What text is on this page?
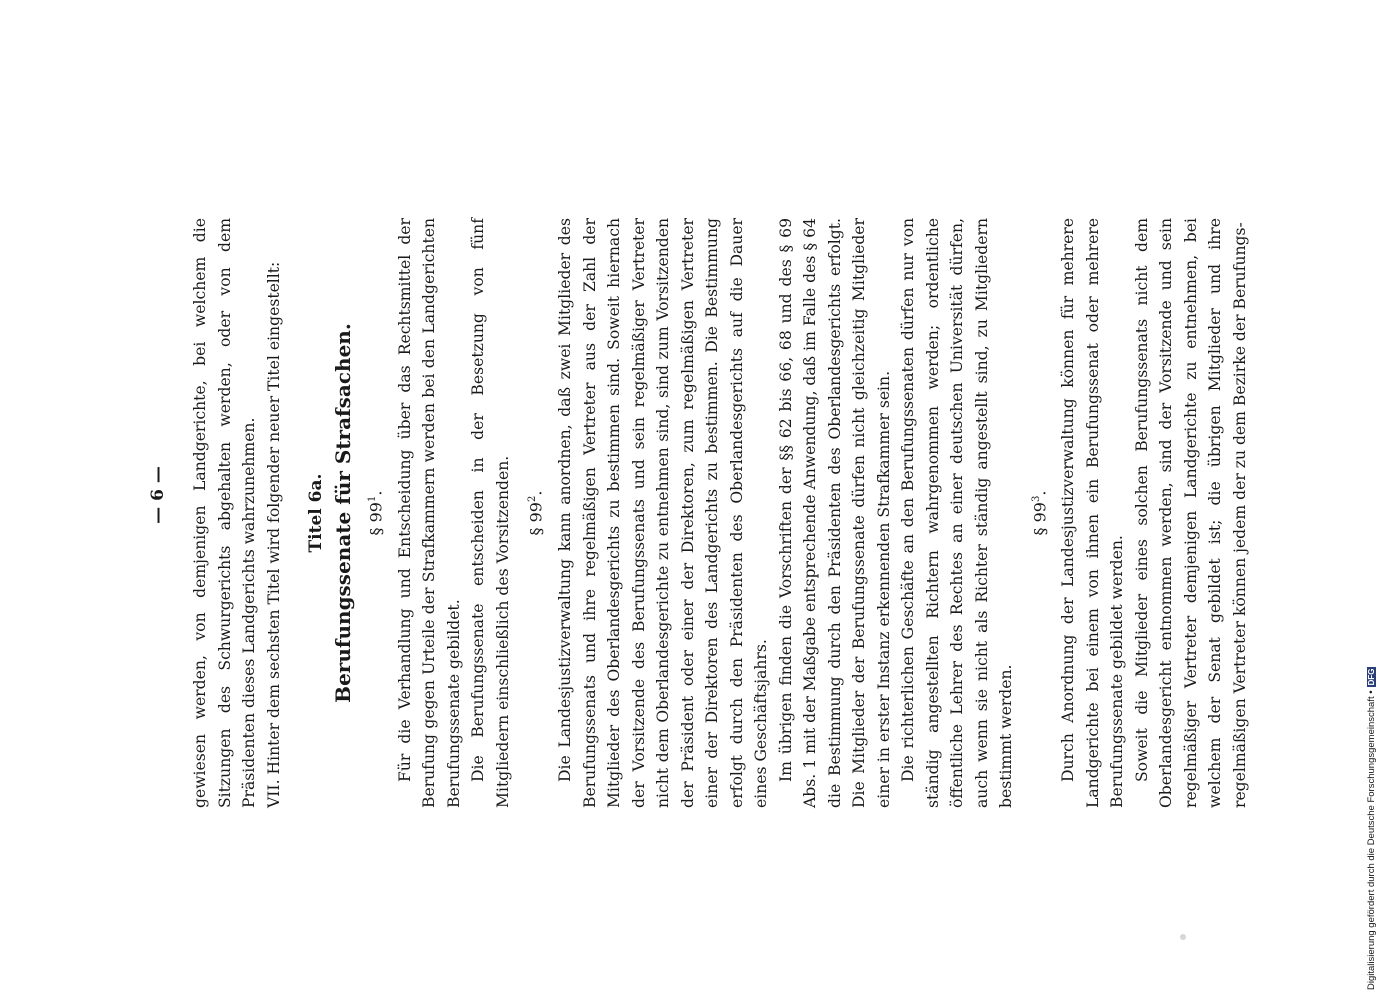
— 6 — gewiesen werden, von demjenigen Landgerichte, bei welchem die Sitzungen des Schwurgerichts abgehalten werden, oder von dem Präsidenten dieses Landgerichts wahrzunehmen. VII. Hinter dem sechsten Titel wird folgender neuer Titel eingestellt: Titel 6a. Berufungssenate für Strafsachen. § $99^1$. Für die Verhandlung und Entscheidung über das Rechtsmittel der Berufung gegen Urteile der Strafkammern werden bei den Landgerichten Berufungssenate gebildet. Die Berufungssenate entscheiden in der Besetzung von fünf Mitgliedern einschließlich des Vorsitzenden. § $99^2$. Die Landesjustizverwaltung kann anordnen, daß zwei Mitglieder des Berufungssenats und ihre regelmäßigen Vertreter aus der Zahl der Mitglieder des Oberlandesgerichts zu bestimmen sind. Soweit hiernach der Vorsitzende des Berufungssenats und sein regelmäßiger Vertreter nicht dem Oberlandesgerichte zu entnehmen sind, sind zum Vorsitzenden der Präsident oder einer der Direktoren, zum regelmäßigen Vertreter einer der Direktoren des Landgerichts zu bestimmen. Die Bestimmung erfolgt durch den Präsidenten des Oberlandesgerichts auf die Dauer eines Geschäftsjahrs. Im übrigen finden die Vorschriften der §§ 62 bis 66, 68 und des § 69 Abs. 1 mit der Maßgabe entsprechende Anwendung, daß im Falle des § 64 die Bestimmung durch den Präsidenten des Oberlandesgerichts erfolgt. Die Mitglieder der Berufungssenate dürfen nicht gleichzeitig Mitglieder einer in erster Instanz erkennenden Strafkammer sein. Die richterlichen Geschäfte an den Berufungssenaten dürfen nur von ständig angestellten Richtern wahrgenommen werden; ordentliche öffentliche Lehrer des Rechtes an einer deutschen Universität dürfen, auch wenn sie nicht als Richter ständig angestellt sind, zu Mitgliedern bestimmt werden.

§ $99^3$. Durch Anordnung der Landesjustizverwaltung können für mehrere Landgerichte bei einem von ihnen ein Berufungssenat oder mehrere Berufungssenate gebildet werden. Soweit die Mitglieder eines solchen Berufungssenats nicht dem Oberlandesgericht entnommen werden, sind der Vorsitzende und sein regelmäßiger Vertreter demjenigen Landgerichte zu entnehmen, bei welchem der Senat gebildet ist; die übrigen Mitglieder und ihre regelmäßigen Vertreter können jedem der zu dem Bezirke der Berufungs-

Digitalisierung gefördert durch die Deutsche Forschungsgemeinschaft •DFG
